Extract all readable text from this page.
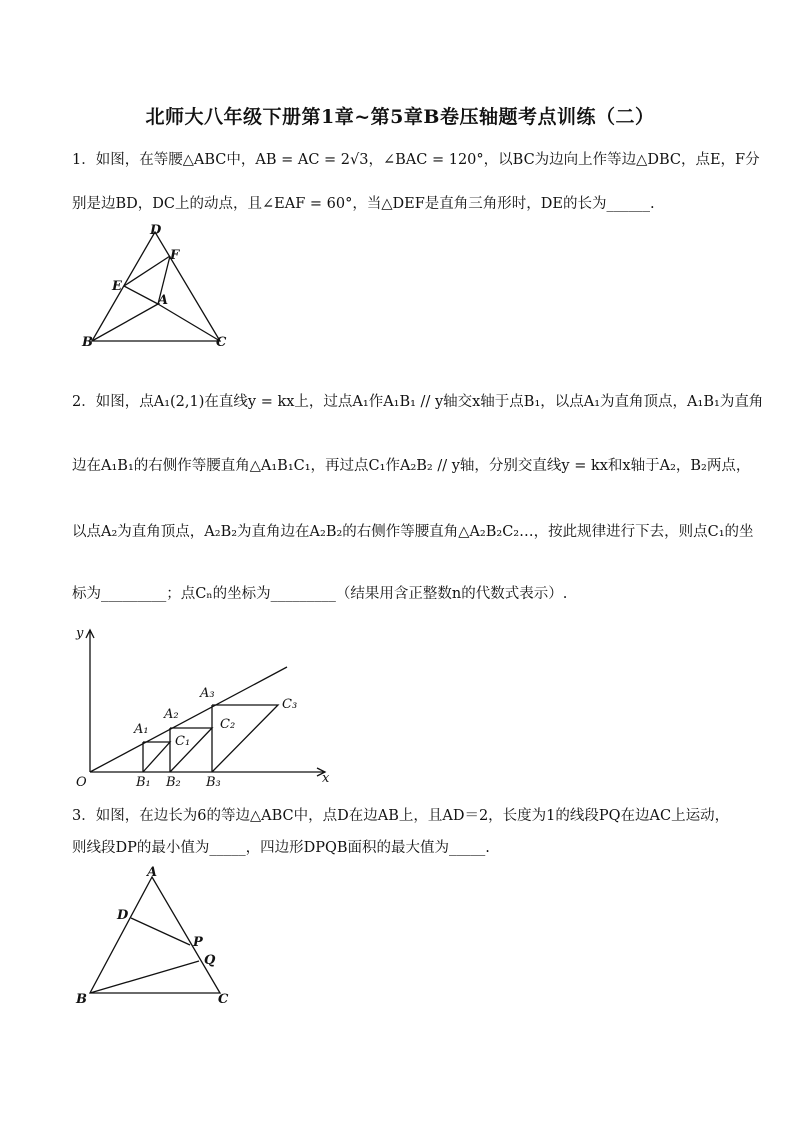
北师大八年级下册第1章~第5章B卷压轴题考点训练（二）
1．如图，在等腰△ABC中，AB = AC = 2√3，∠BAC = 120°，以BC为边向上作等边△DBC，点E，F分
别是边BD，DC上的动点，且∠EAF = 60°，当△DEF是直角三角形时，DE的长为______.
D
F
E
A
B	C
2．如图，点A₁(2,1)在直线y = kx上，过点A₁作A₁B₁ // y轴交x轴于点B₁，以点A₁为直角顶点，A₁B₁为直角
边在A₁B₁的右侧作等腰直角△A₁B₁C₁，再过点C₁作A₂B₂ // y轴，分别交直线y = kx和x轴于A₂，B₂两点，
以点A₂为直角顶点，A₂B₂为直角边在A₂B₂的右侧作等腰直角△A₂B₂C₂…，按此规律进行下去，则点C₁的坐
标为_________；点Cₙ的坐标为_________（结果用含正整数n的代数式表示）.
y
x
O
A₁
A₂
A₃
B₁ B₂ B₃
C₁
C₂
C₃
3．如图，在边长为6的等边△ABC中，点D在边AB上，且AD＝2，长度为1的线段PQ在边AC上运动，
则线段DP的最小值为_____，四边形DPQB面积的最大值为_____.
A
D
P
Q
B	C
